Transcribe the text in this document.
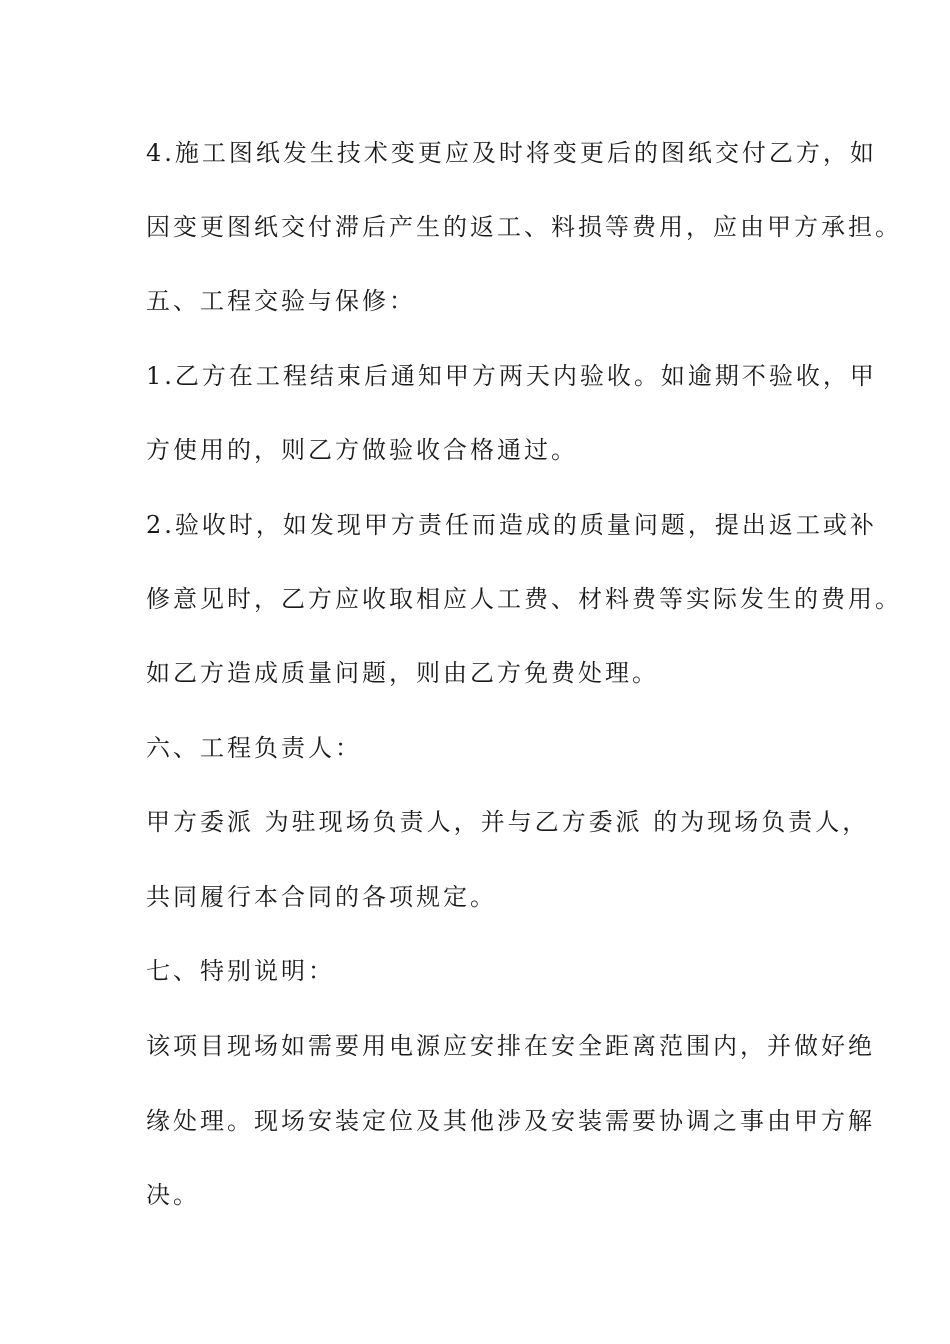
4.施工图纸发生技术变更应及时将变更后的图纸交付乙方，如
因变更图纸交付滞后产生的返工、料损等费用，应由甲方承担。
五、工程交验与保修：
1.乙方在工程结束后通知甲方两天内验收。如逾期不验收，甲
方使用的，则乙方做验收合格通过。
2.验收时，如发现甲方责任而造成的质量问题，提出返工或补
修意见时，乙方应收取相应人工费、材料费等实际发生的费用。
如乙方造成质量问题，则由乙方免费处理。
六、工程负责人：
甲方委派 为驻现场负责人，并与乙方委派 的为现场负责人，
共同履行本合同的各项规定。
七、特别说明：
该项目现场如需要用电源应安排在安全距离范围内，并做好绝
缘处理。现场安装定位及其他涉及安装需要协调之事由甲方解
决。
